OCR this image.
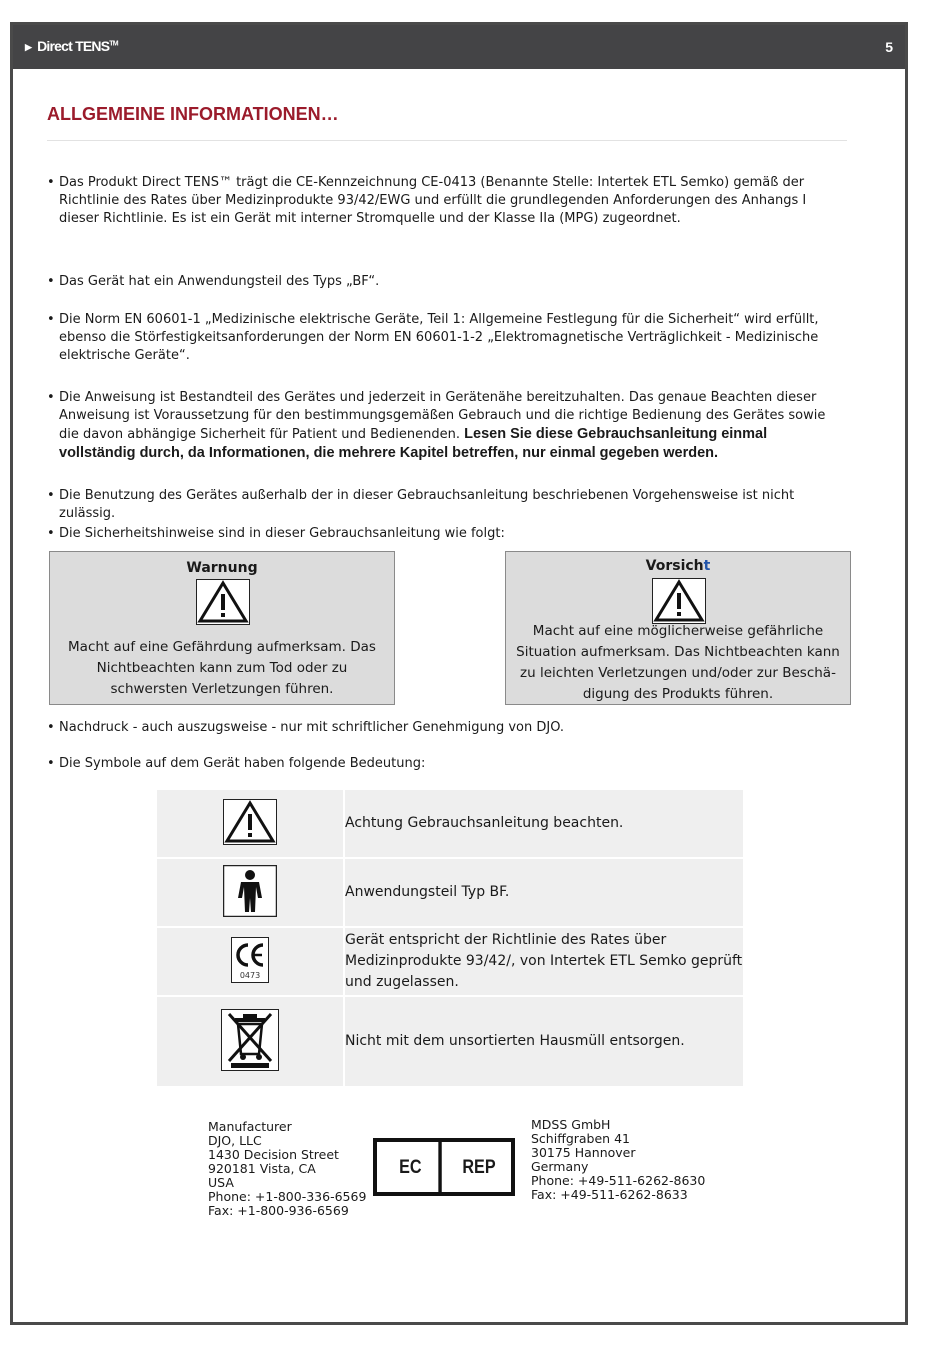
▶ Direct TENS™	5
ALLGEMEINE INFORMATIONEN…
• Das Produkt Direct TENS™ trägt die CE-Kennzeichnung CE-0413 (Benannte Stelle: Intertek ETL Semko) gemäß der Richtlinie des Rates über Medizinprodukte 93/42/EWG und erfüllt die grundlegenden Anforderungen des Anhangs I dieser Richtlinie. Es ist ein Gerät mit interner Stromquelle und der Klasse IIa (MPG) zugeordnet.
• Das Gerät hat ein Anwendungsteil des Typs „BF“.
• Die Norm EN 60601-1 „Medizinische elektrische Geräte, Teil 1: Allgemeine Festlegung für die Sicherheit“ wird erfüllt, ebenso die Störfestigkeitsanforderungen der Norm EN 60601-1-2 „Elektromagnetische Verträglichkeit - Medizinische elektrische Geräte“.
• Die Anweisung ist Bestandteil des Gerätes und jederzeit in Gerätenähe bereitzuhalten. Das genaue Beachten dieser Anweisung ist Voraussetzung für den bestimmungsgemäßen Gebrauch und die richtige Bedienung des Gerätes sowie die davon abhängige Sicherheit für Patient und Bedienenden. Lesen Sie diese Gebrauchsanleitung einmal vollständig durch, da Informationen, die mehrere Kapitel betreffen, nur einmal gegeben werden.
• Die Benutzung des Gerätes außerhalb der in dieser Gebrauchsanleitung beschriebenen Vorgehensweise ist nicht zulässig.
• Die Sicherheitshinweise sind in dieser Gebrauchsanleitung wie folgt:
Warnung
Macht auf eine Gefährdung aufmerksam. Das Nichtbeachten kann zum Tod oder zu schwersten Verletzungen führen.
Vorsicht
Macht auf eine möglicherweise gefährliche Situation aufmerksam. Das Nichtbeachten kann zu leichten Verletzungen und/oder zur Beschä-digung des Produkts führen.
• Nachdruck - auch auszugsweise - nur mit schriftlicher Genehmigung von DJO.
• Die Symbole auf dem Gerät haben folgende Bedeutung:
	Achtung Gebrauchsanleitung beachten.
	Anwendungsteil Typ BF.

0473	Gerät entspricht der Richtlinie des Rates über Medizinprodukte 93/42/, von Intertek ETL Semko geprüft und zugelassen.
	Nicht mit dem unsortierten Hausmüll entsorgen.
Manufacturer
DJO, LLC
1430 Decision Street
920181 Vista, CA
USA
Phone: +1-800-336-6569
Fax: +1-800-936-6569
EC	REP
MDSS GmbH
Schiffgraben 41
30175 Hannover
Germany
Phone: +49-511-6262-8630
Fax: +49-511-6262-8633
